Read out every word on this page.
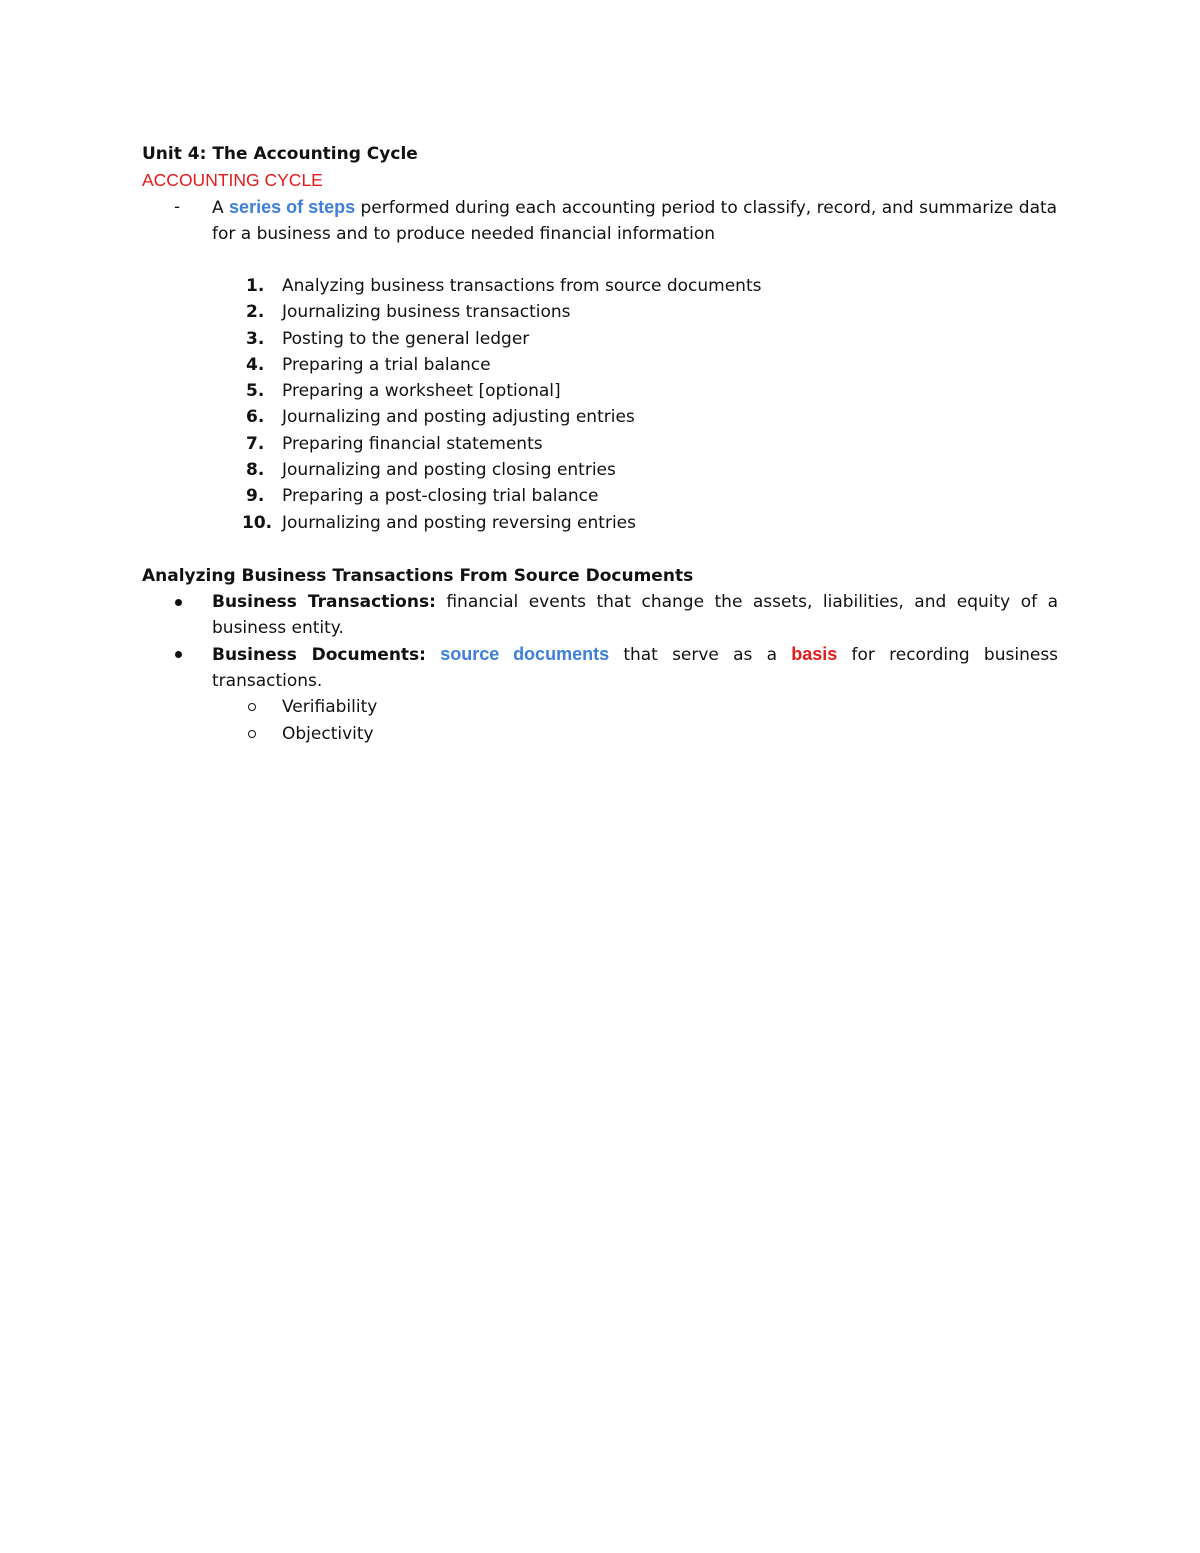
Unit 4: The Accounting Cycle

ACCOUNTING CYCLE

- A series of steps performed during each accounting period to classify, record, and summarize data for a business and to produce needed financial information
1. Analyzing business transactions from source documents
2. Journalizing business transactions
3. Posting to the general ledger
4. Preparing a trial balance
5. Preparing a worksheet [optional]
6. Journalizing and posting adjusting entries
7. Preparing financial statements
8. Journalizing and posting closing entries
9. Preparing a post-closing trial balance
10. Journalizing and posting reversing entries

Analyzing Business Transactions From Source Documents

Business Transactions: financial events that change the assets, liabilities, and equity of a business entity.
Business Documents: source documents that serve as a basis for recording business transactions.
Verifiability
Objectivity
